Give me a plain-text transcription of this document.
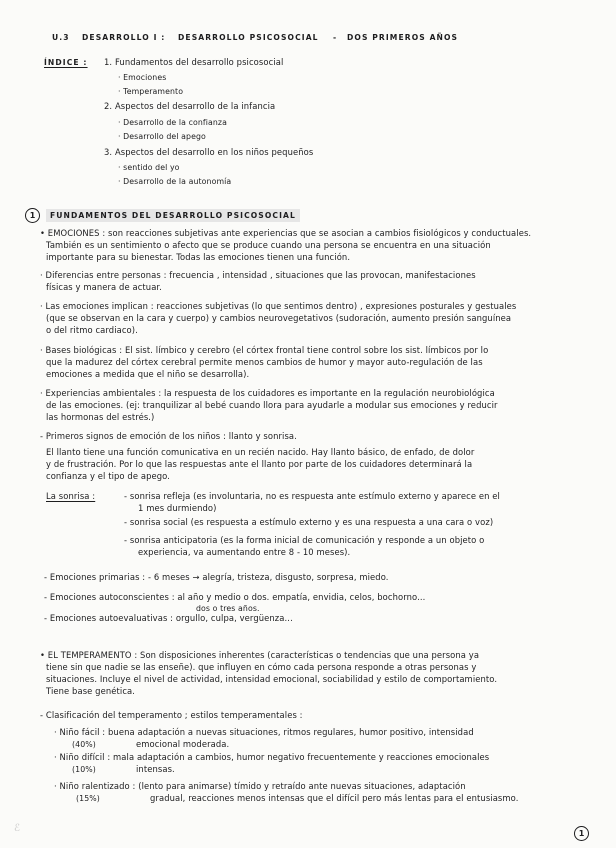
U.3 DESARROLLO I : DESARROLLO PSICOSOCIAL - DOS PRIMEROS AÑOS
ÍNDICE : 1. Fundamentos del desarrollo psicosocial
· Emociones
· Temperamento
2. Aspectos del desarrollo de la infancia
· Desarrollo de la confianza
· Desarrollo del apego
3. Aspectos del desarrollo en los niños pequeños
· sentido del yo
· Desarrollo de la autonomía
1	FUNDAMENTOS DEL DESARROLLO PSICOSOCIAL
• EMOCIONES : son reacciones subjetivas ante experiencias que se asocian a cambios fisiológicos y conductuales.
También es un sentimiento o afecto que se produce cuando una persona se encuentra en una situación
importante para su bienestar. Todas las emociones tienen una función.
· Diferencias entre personas : frecuencia , intensidad , situaciones que las provocan, manifestaciones
físicas y manera de actuar.
· Las emociones implican : reacciones subjetivas (lo que sentimos dentro) , expresiones posturales y gestuales
(que se observan en la cara y cuerpo) y cambios neurovegetativos (sudoración, aumento presión sanguínea
o del ritmo cardiaco).
· Bases biológicas : El sist. límbico y cerebro (el córtex frontal tiene control sobre los sist. límbicos por lo
que la madurez del córtex cerebral permite menos cambios de humor y mayor auto-regulación de las
emociones a medida que el niño se desarrolla).
· Experiencias ambientales : la respuesta de los cuidadores es importante en la regulación neurobiológica
de las emociones. (ej: tranquilizar al bebé cuando llora para ayudarle a modular sus emociones y reducir
las hormonas del estrés.)
- Primeros signos de emoción de los niños : llanto y sonrisa.
El llanto tiene una función comunicativa en un recién nacido. Hay llanto básico, de enfado, de dolor
y de frustración. Por lo que las respuestas ante el llanto por parte de los cuidadores determinará la
confianza y el tipo de apego.
La sonrisa :	- sonrisa refleja (es involuntaria, no es respuesta ante estímulo externo y aparece en el
1 mes durmiendo)
- sonrisa social (es respuesta a estímulo externo y es una respuesta a una cara o voz)
- sonrisa anticipatoria (es la forma inicial de comunicación y responde a un objeto o
experiencia, va aumentando entre 8 - 10 meses).
- Emociones primarias : - 6 meses → alegría, tristeza, disgusto, sorpresa, miedo.
- Emociones autoconscientes : al año y medio o dos. empatía, envidia, celos, bochorno...
dos o tres años.
- Emociones autoevaluativas : orgullo, culpa, vergüenza...
• EL TEMPERAMENTO : Son disposiciones inherentes (características o tendencias que una persona ya
tiene sin que nadie se las enseñe). que influyen en cómo cada persona responde a otras personas y
situaciones. Incluye el nivel de actividad, intensidad emocional, sociabilidad y estilo de comportamiento.
Tiene base genética.
- Clasificación del temperamento ; estilos temperamentales :
· Niño fácil : buena adaptación a nuevas situaciones, ritmos regulares, humor positivo, intensidad
(40%)	emocional moderada.
· Niño difícil : mala adaptación a cambios, humor negativo frecuentemente y reacciones emocionales
(10%)	intensas.
· Niño ralentizado : (lento para animarse) tímido y retraído ante nuevas situaciones, adaptación
(15%)	gradual, reacciones menos intensas que el difícil pero más lentas para el entusiasmo.
ℰ	1
